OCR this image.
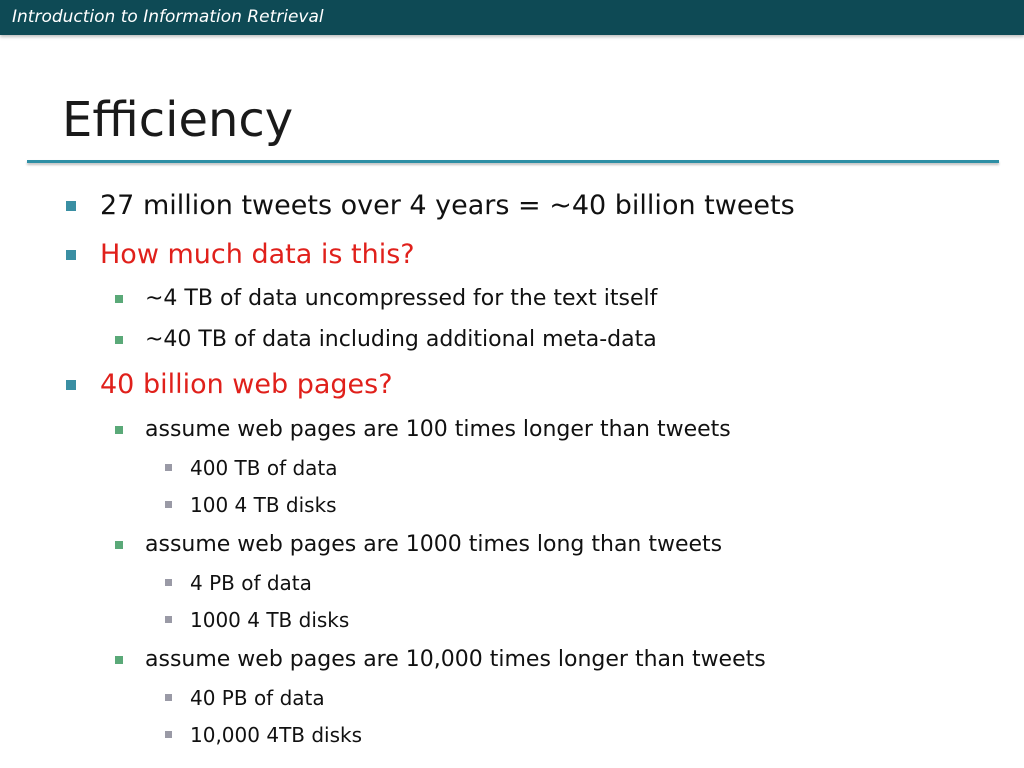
Introduction to Information Retrieval
Efficiency
27 million tweets over 4 years = ~40 billion tweets
How much data is this?
~4 TB of data uncompressed for the text itself
~40 TB of data including additional meta-data
40 billion web pages?
assume web pages are 100 times longer than tweets
400 TB of data
100 4 TB disks
assume web pages are 1000 times long than tweets
4 PB of data
1000 4 TB disks
assume web pages are 10,000 times longer than tweets
40 PB of data
10,000 4TB disks
